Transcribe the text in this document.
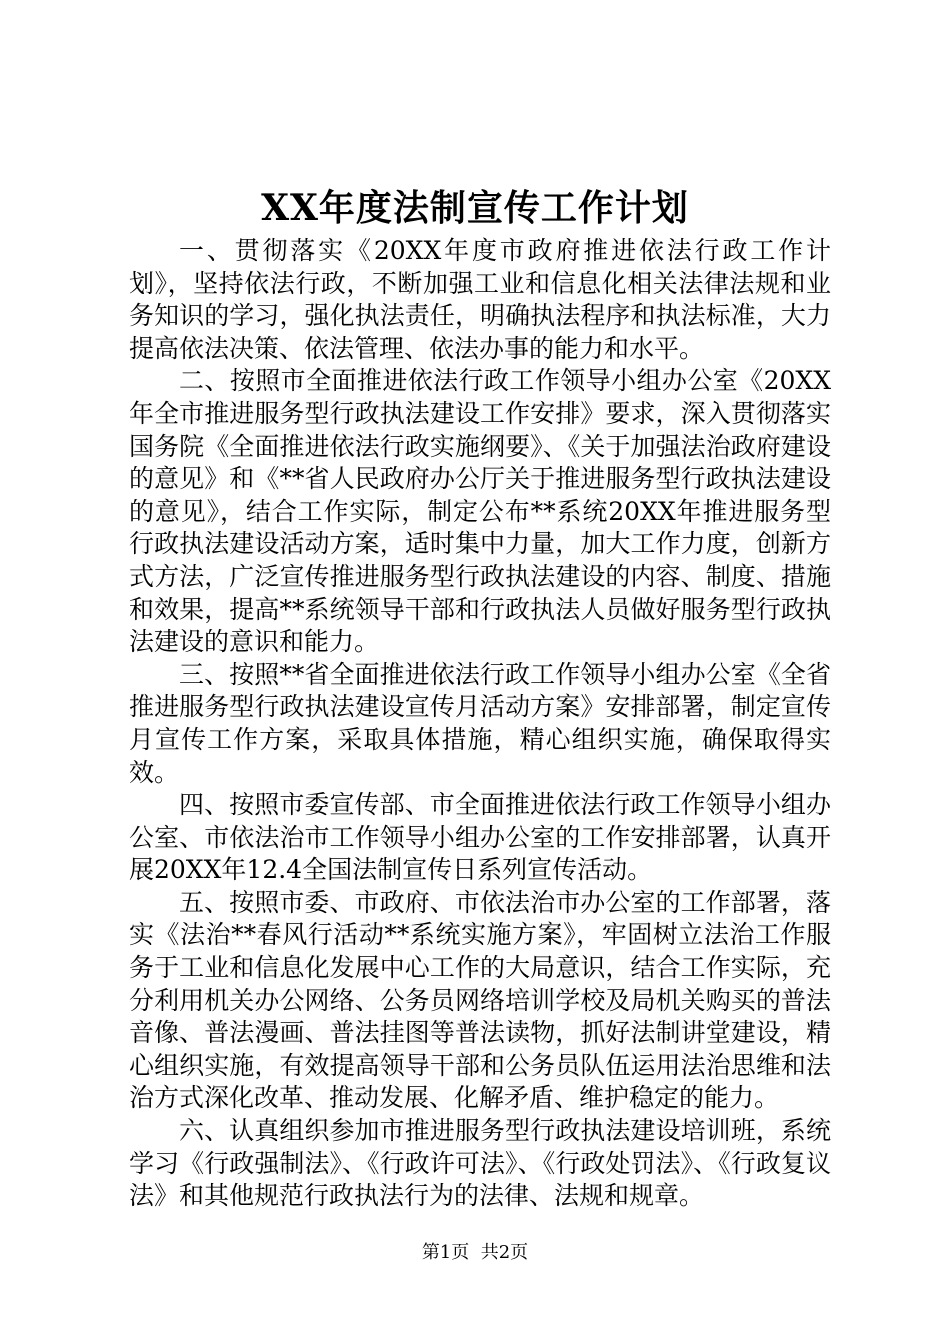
XX年度法制宣传工作计划

一、贯彻落实《20XX年度市政府推进依法行政工作计划》，坚持依法行政，不断加强工业和信息化相关法律法规和业务知识的学习，强化执法责任，明确执法程序和执法标准，大力提高依法决策、依法管理、依法办事的能力和水平。

二、按照市全面推进依法行政工作领导小组办公室《20XX年全市推进服务型行政执法建设工作安排》要求，深入贯彻落实国务院《全面推进依法行政实施纲要》、《关于加强法治政府建设的意见》和《**省人民政府办公厅关于推进服务型行政执法建设的意见》，结合工作实际，制定公布**系统20XX年推进服务型行政执法建设活动方案，适时集中力量，加大工作力度，创新方式方法，广泛宣传推进服务型行政执法建设的内容、制度、措施和效果，提高**系统领导干部和行政执法人员做好服务型行政执法建设的意识和能力。

三、按照**省全面推进依法行政工作领导小组办公室《全省推进服务型行政执法建设宣传月活动方案》安排部署，制定宣传月宣传工作方案，采取具体措施，精心组织实施，确保取得实效。

四、按照市委宣传部、市全面推进依法行政工作领导小组办公室、市依法治市工作领导小组办公室的工作安排部署，认真开展20XX年12.4全国法制宣传日系列宣传活动。

五、按照市委、市政府、市依法治市办公室的工作部署，落实《法治**春风行活动**系统实施方案》，牢固树立法治工作服务于工业和信息化发展中心工作的大局意识，结合工作实际，充分利用机关办公网络、公务员网络培训学校及局机关购买的普法音像、普法漫画、普法挂图等普法读物，抓好法制讲堂建设，精心组织实施，有效提高领导干部和公务员队伍运用法治思维和法治方式深化改革、推动发展、化解矛盾、维护稳定的能力。

六、认真组织参加市推进服务型行政执法建设培训班，系统学习《行政强制法》、《行政许可法》、《行政处罚法》、《行政复议法》和其他规范行政执法行为的法律、法规和规章。

第1页  共2页
